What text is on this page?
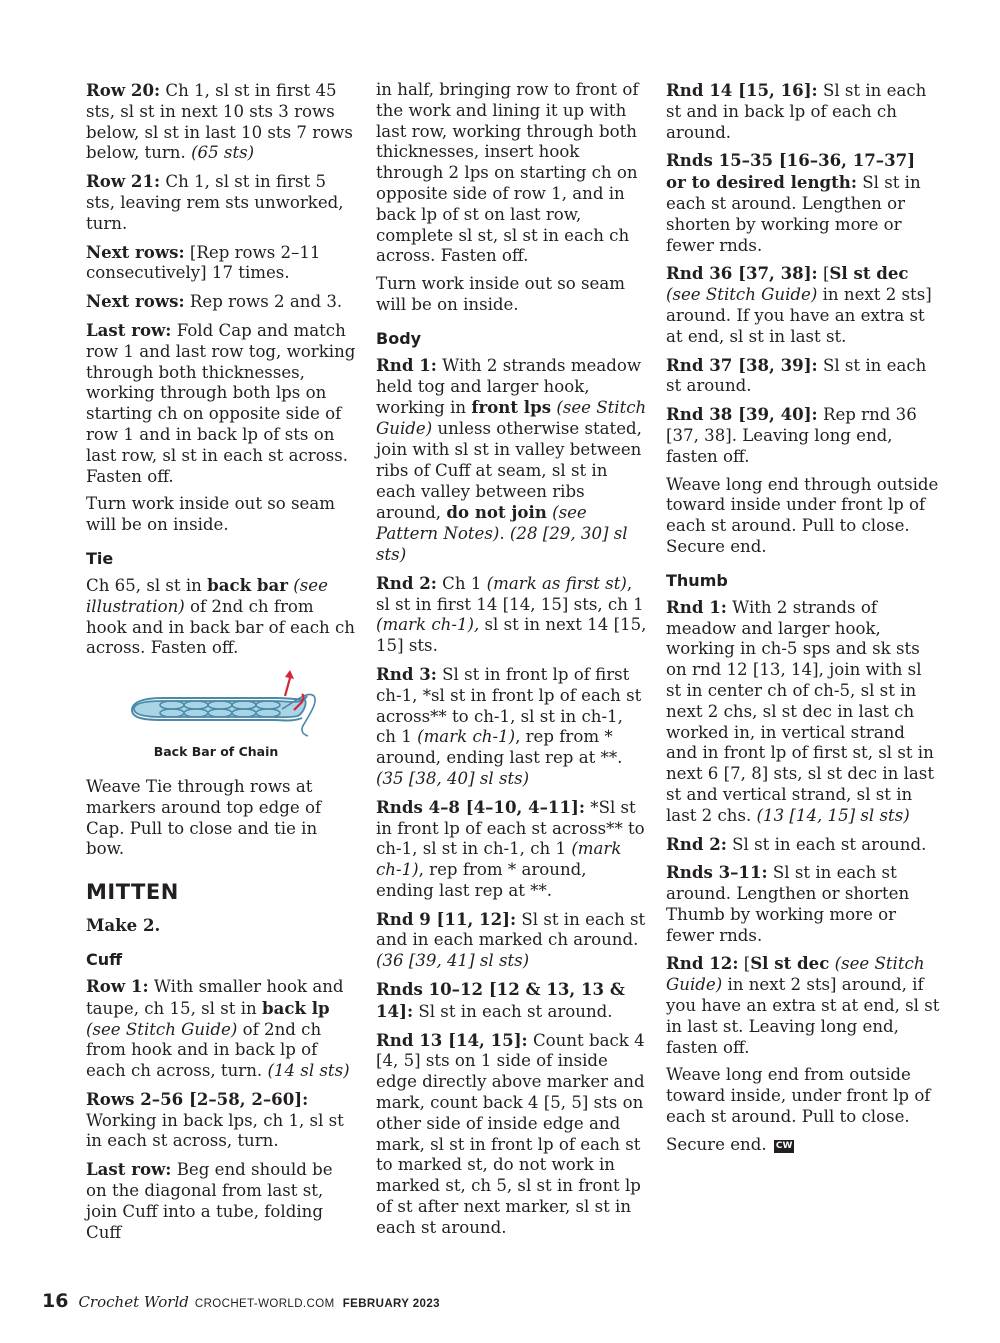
Row 20: Ch 1, sl st in first 45 sts, sl st in next 10 sts 3 rows below, sl st in last 10 sts 7 rows below, turn. (65 sts)

Row 21: Ch 1, sl st in first 5 sts, leaving rem sts unworked, turn.

Next rows: [Rep rows 2–11 consecutively] 17 times.

Next rows: Rep rows 2 and 3.

Last row: Fold Cap and match row 1 and last row tog, working through both thicknesses, working through both lps on starting ch on opposite side of row 1 and in back lp of sts on last row, sl st in each st across. Fasten off.

Turn work inside out so seam will be on inside.

Tie

Ch 65, sl st in back bar (see illustration) of 2nd ch from hook and in back bar of each ch across. Fasten off.

Back Bar of Chain

Weave Tie through rows at markers around top edge of Cap. Pull to close and tie in bow.

MITTEN

Make 2.

Cuff

Row 1: With smaller hook and taupe, ch 15, sl st in back lp (see Stitch Guide) of 2nd ch from hook and in back lp of each ch across, turn. (14 sl sts)

Rows 2–56 [2–58, 2–60]: Working in back lps, ch 1, sl st in each st across, turn.

Last row: Beg end should be on the diagonal from last st, join Cuff into a tube, folding Cuff

in half, bringing row to front of the work and lining it up with last row, working through both thicknesses, insert hook through 2 lps on starting ch on opposite side of row 1, and in back lp of st on last row, complete sl st, sl st in each ch across. Fasten off.

Turn work inside out so seam will be on inside.

Body

Rnd 1: With 2 strands meadow held tog and larger hook, working in front lps (see Stitch Guide) unless otherwise stated, join with sl st in valley between ribs of Cuff at seam, sl st in each valley between ribs around, do not join (see Pattern Notes). (28 [29, 30] sl sts)

Rnd 2: Ch 1 (mark as first st), sl st in first 14 [14, 15] sts, ch 1 (mark ch-1), sl st in next 14 [15, 15] sts.

Rnd 3: Sl st in front lp of first ch-1, *sl st in front lp of each st across** to ch-1, sl st in ch-1, ch 1 (mark ch-1), rep from * around, ending last rep at **. (35 [38, 40] sl sts)

Rnds 4–8 [4–10, 4–11]: *Sl st in front lp of each st across** to ch-1, sl st in ch-1, ch 1 (mark ch-1), rep from * around, ending last rep at **.

Rnd 9 [11, 12]: Sl st in each st and in each marked ch around. (36 [39, 41] sl sts)

Rnds 10–12 [12 & 13, 13 & 14]: Sl st in each st around.

Rnd 13 [14, 15]: Count back 4 [4, 5] sts on 1 side of inside edge directly above marker and mark, count back 4 [5, 5] sts on other side of inside edge and mark, sl st in front lp of each st to marked st, do not work in marked st, ch 5, sl st in front lp of st after next marker, sl st in each st around.

Rnd 14 [15, 16]: Sl st in each st and in back lp of each ch around.

Rnds 15–35 [16–36, 17–37] or to desired length: Sl st in each st around. Lengthen or shorten by working more or fewer rnds.

Rnd 36 [37, 38]: [Sl st dec (see Stitch Guide) in next 2 sts] around. If you have an extra st at end, sl st in last st.

Rnd 37 [38, 39]: Sl st in each st around.

Rnd 38 [39, 40]: Rep rnd 36 [37, 38]. Leaving long end, fasten off.

Weave long end through outside toward inside under front lp of each st around. Pull to close. Secure end.

Thumb

Rnd 1: With 2 strands of meadow and larger hook, working in ch-5 sps and sk sts on rnd 12 [13, 14], join with sl st in center ch of ch-5, sl st in next 2 chs, sl st dec in last ch worked in, in vertical strand and in front lp of first st, sl st in next 6 [7, 8] sts, sl st dec in last st and vertical strand, sl st in last 2 chs. (13 [14, 15] sl sts)

Rnd 2: Sl st in each st around.

Rnds 3–11: Sl st in each st around. Lengthen or shorten Thumb by working more or fewer rnds.

Rnd 12: [Sl st dec (see Stitch Guide) in next 2 sts] around, if you have an extra st at end, sl st in last st. Leaving long end, fasten off.

Weave long end from outside toward inside, under front lp of each st around. Pull to close.

Secure end. CW

16 Crochet World CROCHET-WORLD.COM FEBRUARY 2023
